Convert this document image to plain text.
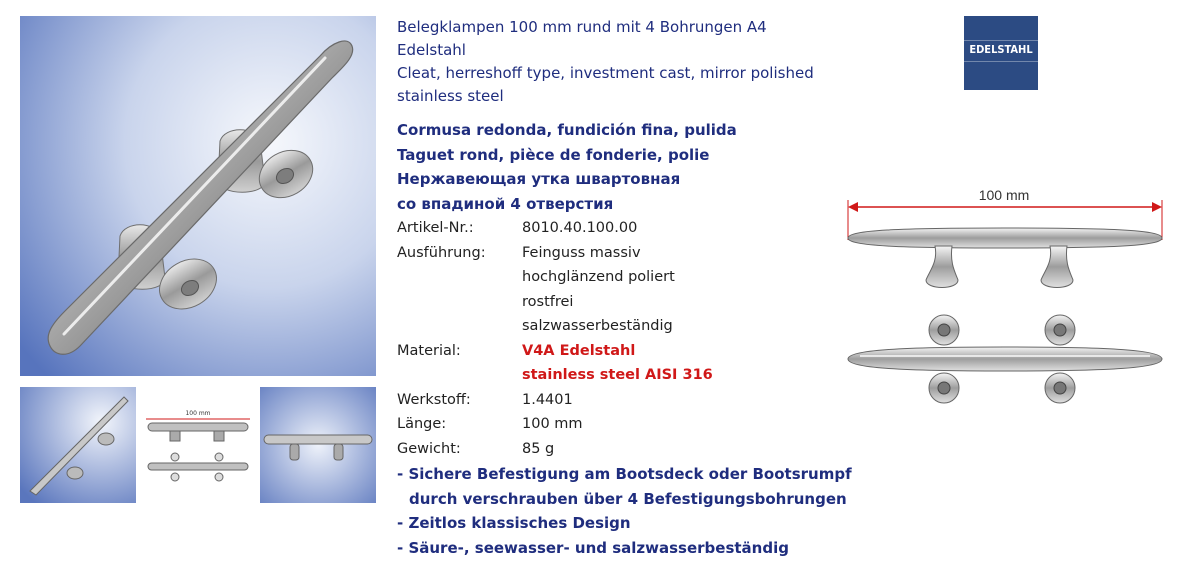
100 mm
Belegklampen 100 mm rund mit 4 Bohrungen A4
Edelstahl
Cleat, herreshoff type, investment cast, mirror polished
stainless steel
Cormusa redonda, fundición fina, pulida
Taguet rond, pièce de fonderie, polie
Нержавеющая утка швартовная
со впадиной 4 отверстия
Artikel-Nr.:	8010.40.100.00
Ausführung:	Feinguss massiv
hochglänzend poliert
rostfrei
salzwasserbeständig
Material:	V4A Edelstahl
stainless steel AISI 316
Werkstoff:	1.4401
Länge:	100 mm
Gewicht:	85 g
- Sichere Befestigung am Bootsdeck oder Bootsrumpf
durch verschrauben über 4 Befestigungsbohrungen
- Zeitlos klassisches Design
- Säure-, seewasser- und salzwasserbeständig
EDELSTAHL
100 mm
